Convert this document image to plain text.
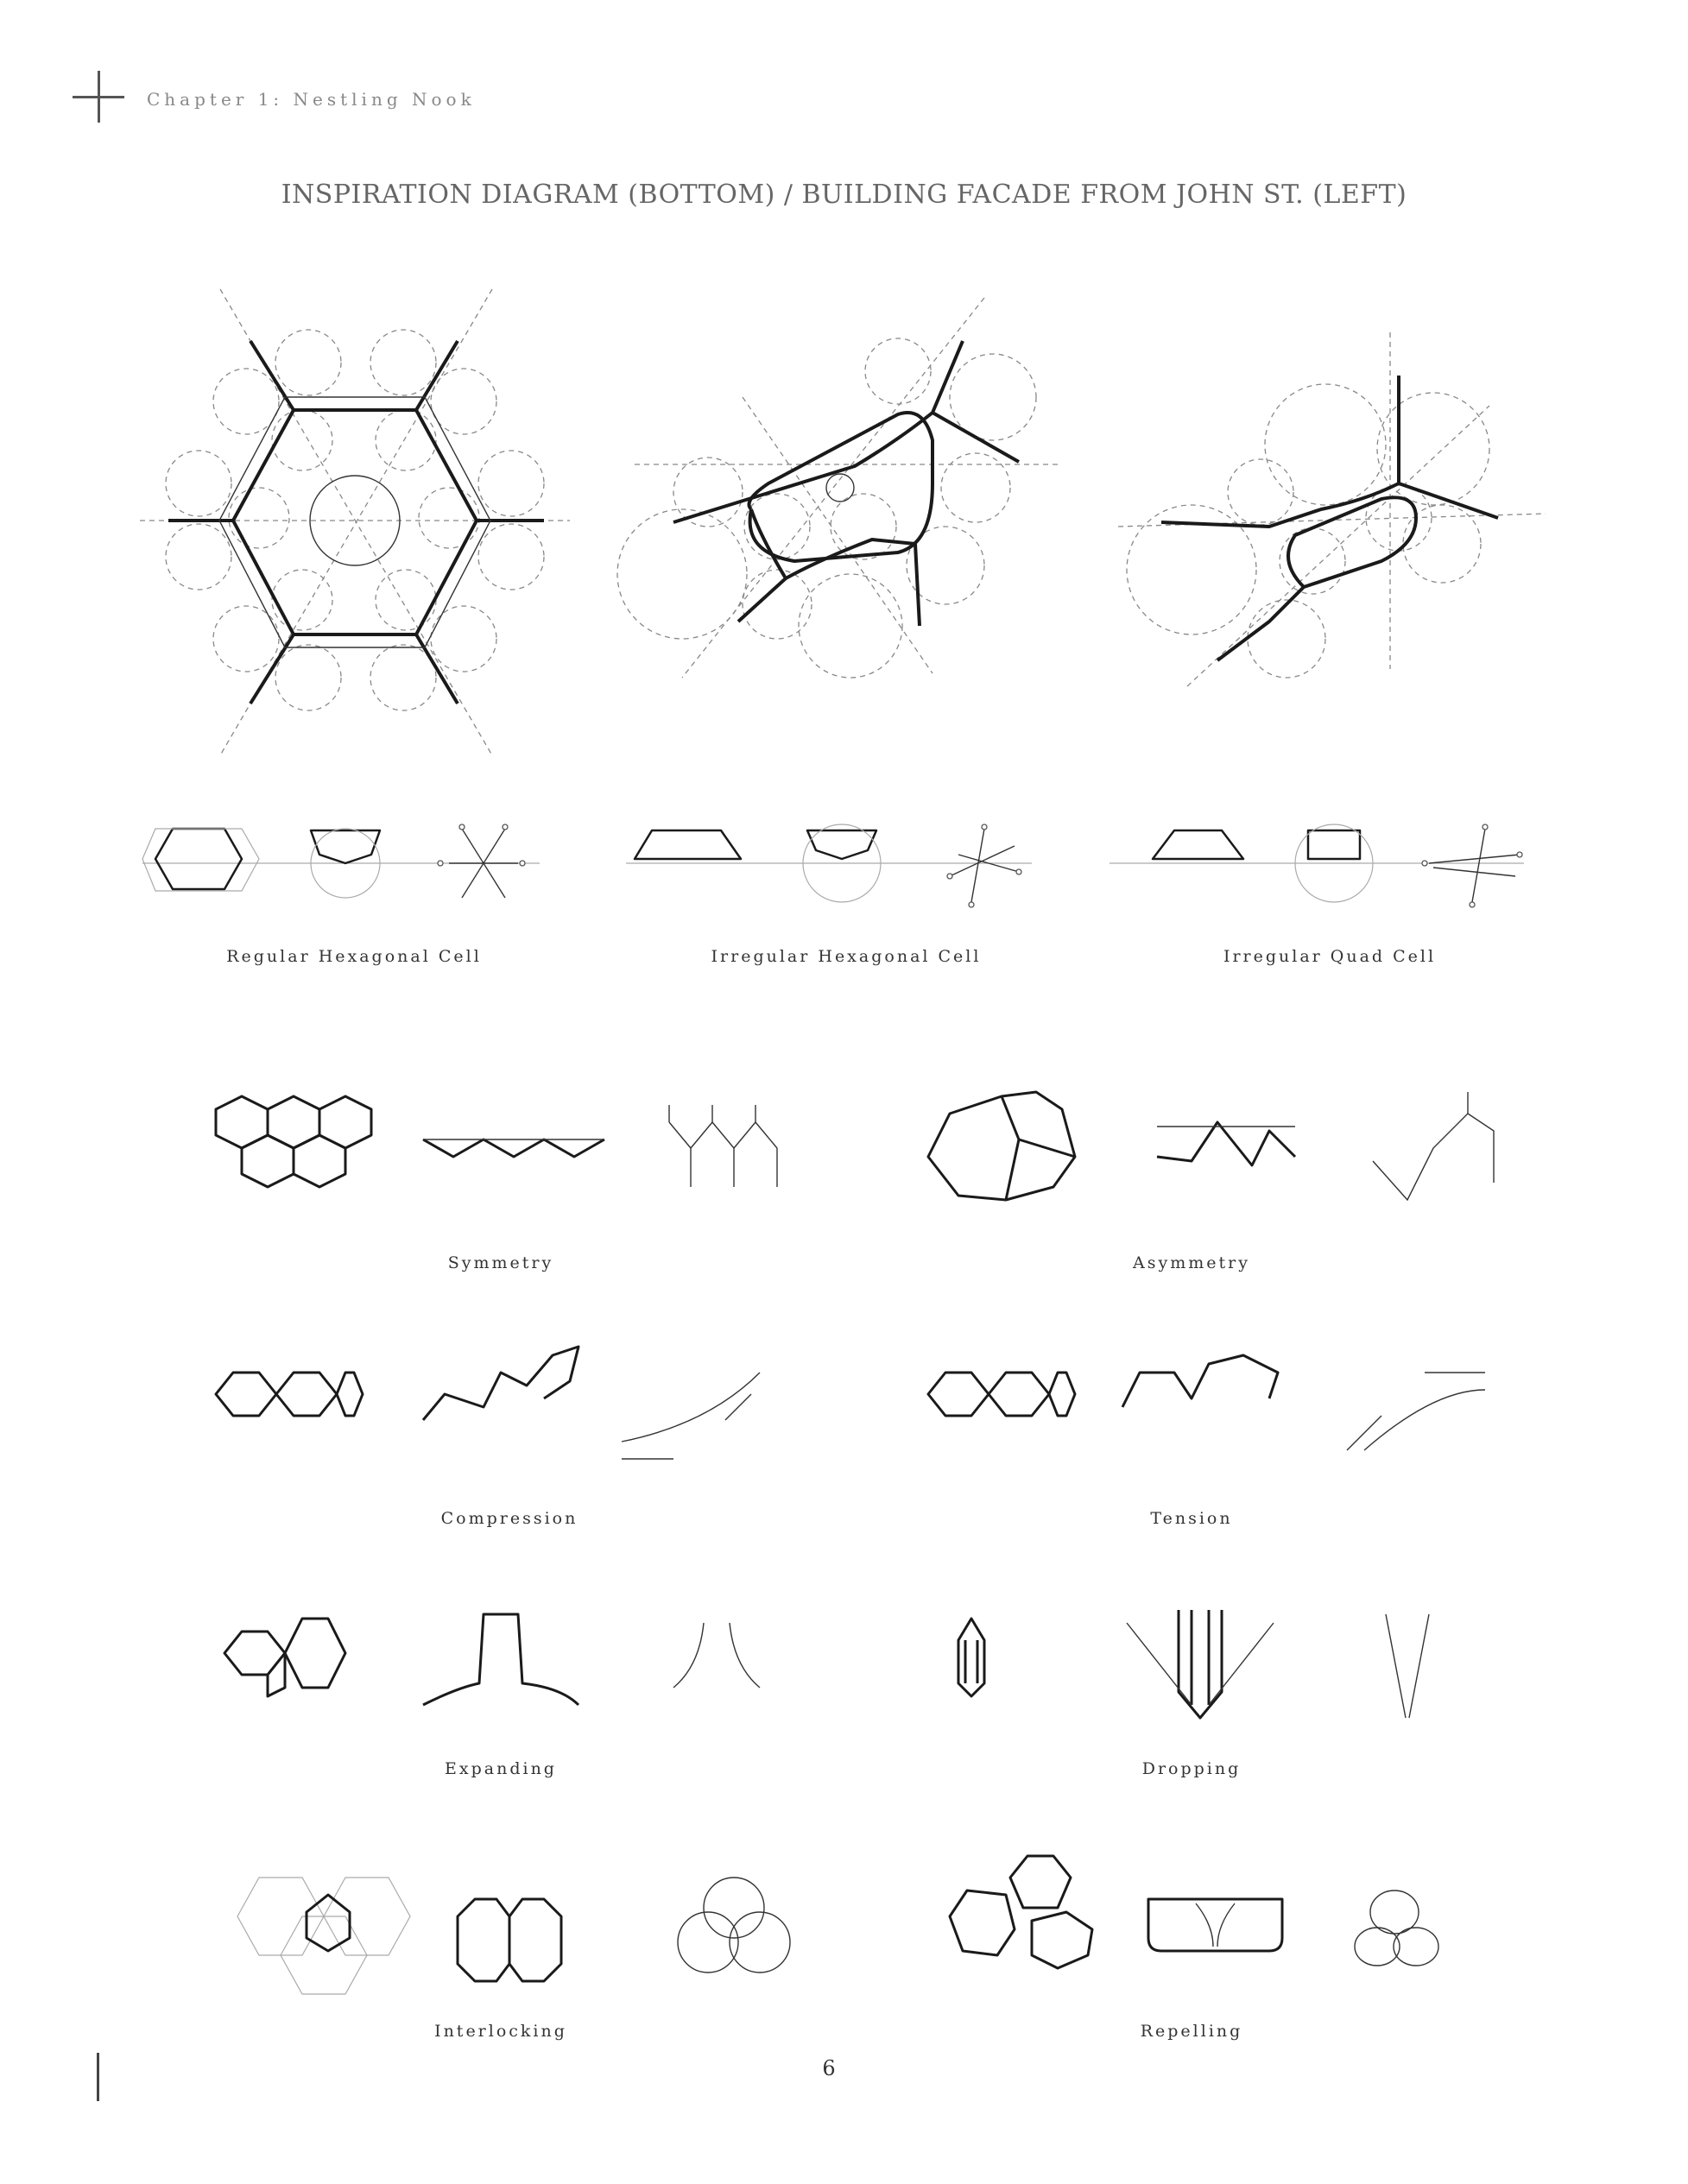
Chapter 1: Nestling Nook
INSPIRATION DIAGRAM (BOTTOM) / BUILDING FACADE FROM JOHN ST. (LEFT)
Regular Hexagonal Cell	Irregular Hexagonal Cell	Irregular Quad Cell
Symmetry	Asymmetry
Compression	Tension
Expanding	Dropping
Interlocking	Repelling
6
